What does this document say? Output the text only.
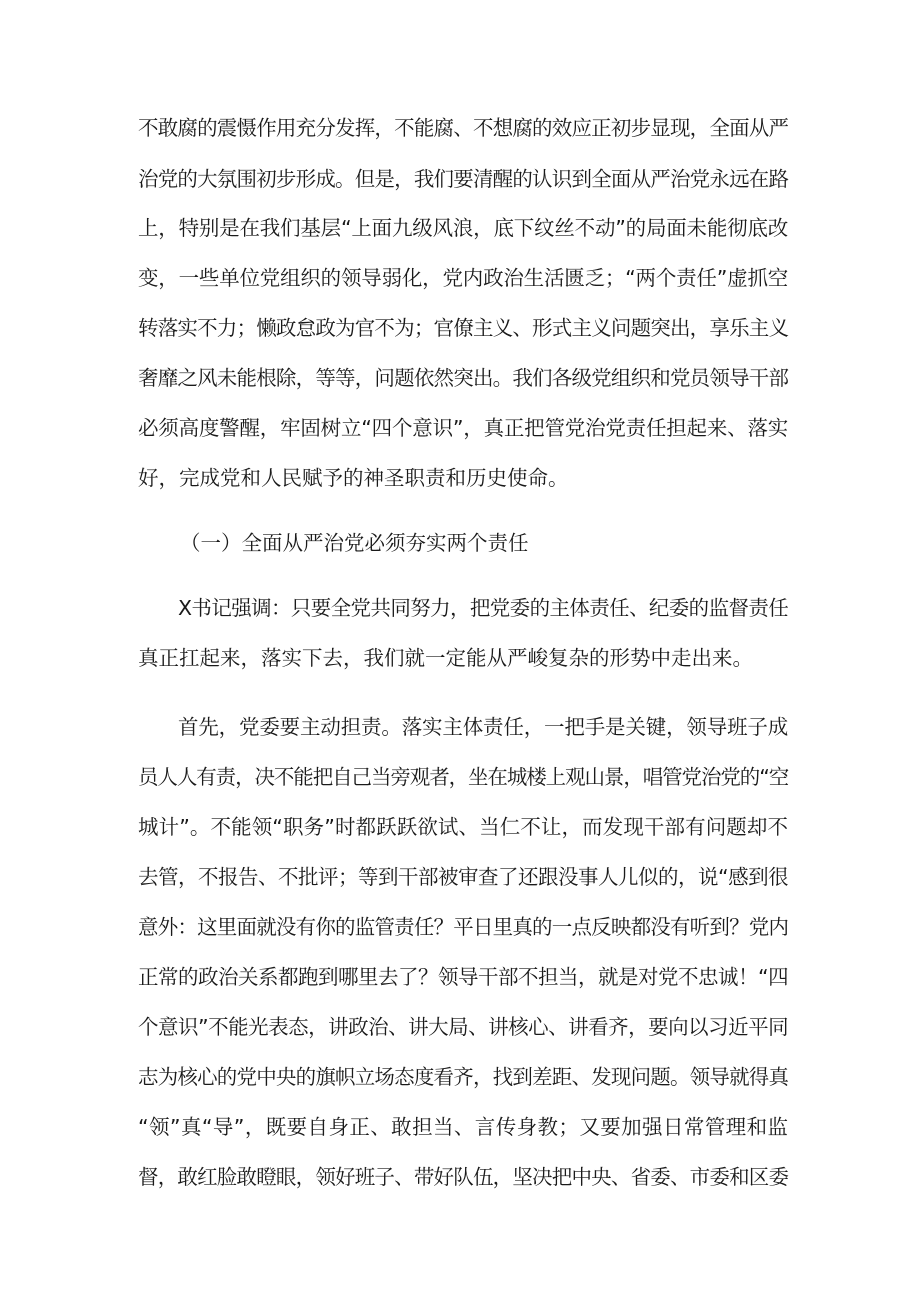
不敢腐的震慑作用充分发挥，不能腐、不想腐的效应正初步显现，全面从严
治党的大氛围初步形成。但是，我们要清醒的认识到全面从严治党永远在路
上，特别是在我们基层“上面九级风浪，底下纹丝不动”的局面未能彻底改
变，一些单位党组织的领导弱化，党内政治生活匮乏；“两个责任”虚抓空
转落实不力；懒政怠政为官不为；官僚主义、形式主义问题突出，享乐主义
奢靡之风未能根除，等等，问题依然突出。我们各级党组织和党员领导干部
必须高度警醒，牢固树立“四个意识”，真正把管党治党责任担起来、落实
好，完成党和人民赋予的神圣职责和历史使命。
（一）全面从严治党必须夯实两个责任
X书记强调：只要全党共同努力，把党委的主体责任、纪委的监督责任
真正扛起来，落实下去，我们就一定能从严峻复杂的形势中走出来。
首先，党委要主动担责。落实主体责任，一把手是关键，领导班子成
员人人有责，决不能把自己当旁观者，坐在城楼上观山景，唱管党治党的“空
城计”。不能领“职务”时都跃跃欲试、当仁不让，而发现干部有问题却不
去管，不报告、不批评；等到干部被审查了还跟没事人儿似的，说“感到很
意外：这里面就没有你的监管责任？平日里真的一点反映都没有听到？党内
正常的政治关系都跑到哪里去了？领导干部不担当，就是对党不忠诚！“四
个意识”不能光表态，讲政治、讲大局、讲核心、讲看齐，要向以习近平同
志为核心的党中央的旗帜立场态度看齐，找到差距、发现问题。领导就得真
“领”真“导”，既要自身正、敢担当、言传身教；又要加强日常管理和监
督，敢红脸敢瞪眼，领好班子、带好队伍，坚决把中央、省委、市委和区委
